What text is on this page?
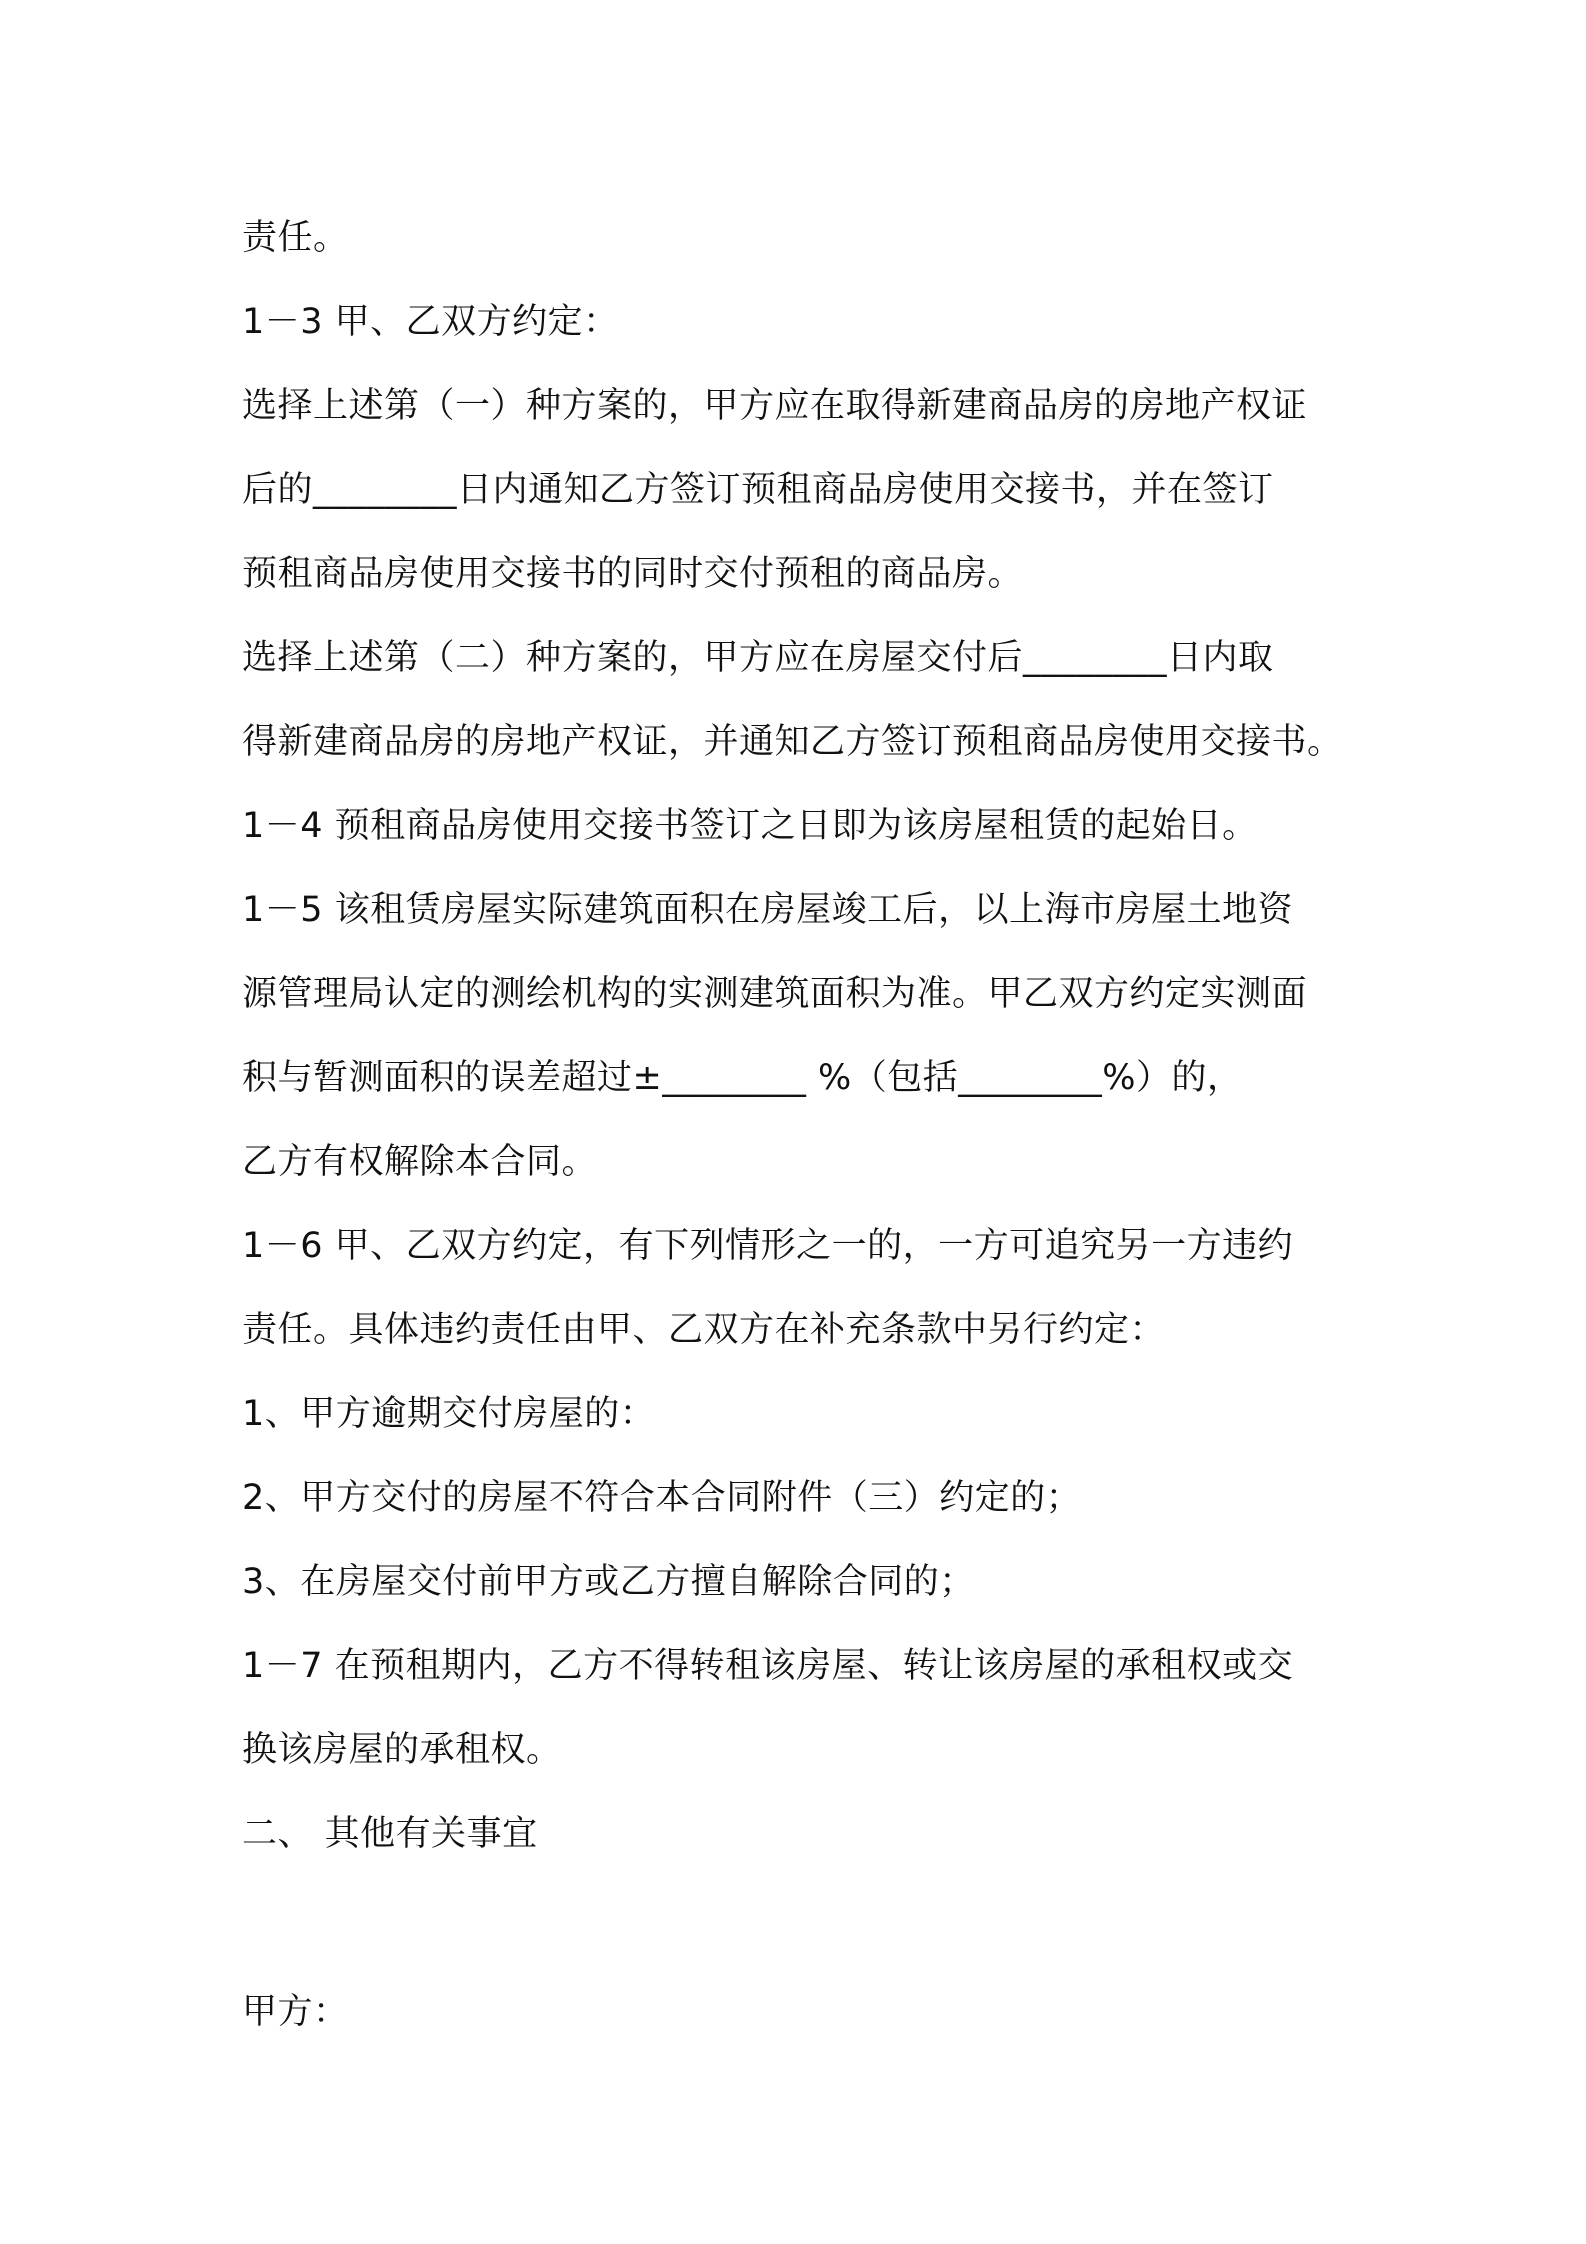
责任。
1－3 甲、乙双方约定：
选择上述第（一）种方案的，甲方应在取得新建商品房的房地产权证
后的________日内通知乙方签订预租商品房使用交接书，并在签订
预租商品房使用交接书的同时交付预租的商品房。
选择上述第（二）种方案的，甲方应在房屋交付后________日内取
得新建商品房的房地产权证，并通知乙方签订预租商品房使用交接书。
1－4 预租商品房使用交接书签订之日即为该房屋租赁的起始日。
1－5 该租赁房屋实际建筑面积在房屋竣工后，以上海市房屋土地资
源管理局认定的测绘机构的实测建筑面积为准。甲乙双方约定实测面
积与暂测面积的误差超过±________ %（包括________%）的，
乙方有权解除本合同。
1－6 甲、乙双方约定，有下列情形之一的，一方可追究另一方违约
责任。具体违约责任由甲、乙双方在补充条款中另行约定：
1、甲方逾期交付房屋的：
2、甲方交付的房屋不符合本合同附件（三）约定的；
3、在房屋交付前甲方或乙方擅自解除合同的；
1－7 在预租期内，乙方不得转租该房屋、转让该房屋的承租权或交
换该房屋的承租权。
二、 其他有关事宜
甲方：
